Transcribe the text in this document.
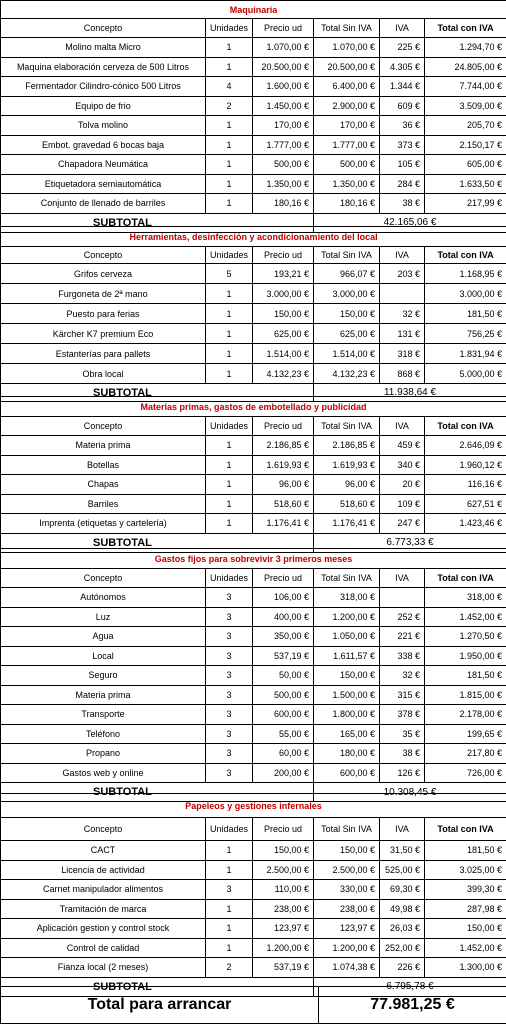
Maquinaria					
Concepto	Unidades	Precio ud	Total Sin IVA	IVA	Total con IVA
Molino malta Micro	1	1.070,00 €	1.070,00 €	225 €	1.294,70 €
Maquina elaboración cerveza de 500 Litros	1	20.500,00 €	20.500,00 €	4.305 €	24.805,00 €
Fermentador Cilindro-cónico 500 Litros	4	1.600,00 €	6.400,00 €	1.344 €	7.744,00 €
Equipo de frio	2	1.450,00 €	2.900,00 €	609 €	3.509,00 €
Tolva molino	1	170,00 €	170,00 €	36 €	205,70 €
Embot. gravedad 6 bocas baja	1	1.777,00 €	1.777,00 €	373 €	2.150,17 €
Chapadora Neumática	1	500,00 €	500,00 €	105 €	605,00 €
Etiquetadora semiautomática	1	1.350,00 €	1.350,00 €	284 €	1.633,50 €
Conjunto de llenado de barriles	1	180,16 €	180,16 €	38 €	217,99 €
SUBTOTAL			42.165,06 €		
Herramientas, desinfección y acondicionamiento del local					
Concepto	Unidades	Precio ud	Total Sin IVA	IVA	Total con IVA
Grifos cerveza	5	193,21 €	966,07 €	203 €	1.168,95 €
Furgoneta de 2ª mano	1	3.000,00 €	3.000,00 €		3.000,00 €
Puesto para ferias	1	150,00 €	150,00 €	32 €	181,50 €
Kärcher K7 premium Eco	1	625,00 €	625,00 €	131 €	756,25 €
Estanterías para pallets	1	1.514,00 €	1.514,00 €	318 €	1.831,94 €
Obra local	1	4.132,23 €	4.132,23 €	868 €	5.000,00 €
SUBTOTAL			11.938,64 €		
Materias primas, gastos de embotellado y publicidad					
Concepto	Unidades	Precio ud	Total Sin IVA	IVA	Total con IVA
Materia prima	1	2.186,85 €	2.186,85 €	459 €	2.646,09 €
Botellas	1	1.619,93 €	1.619,93 €	340 €	1.960,12 €
Chapas	1	96,00 €	96,00 €	20 €	116,16 €
Barriles	1	518,60 €	518,60 €	109 €	627,51 €
Imprenta (etiquetas y cartelería)	1	1.176,41 €	1.176,41 €	247 €	1.423,46 €
SUBTOTAL			6.773,33 €		
Gastos fijos para sobrevivir 3 primeros meses					
Concepto	Unidades	Precio ud	Total Sin IVA	IVA	Total con IVA
Autónomos	3	106,00 €	318,00 €		318,00 €
Luz	3	400,00 €	1.200,00 €	252 €	1.452,00 €
Agua	3	350,00 €	1.050,00 €	221 €	1.270,50 €
Local	3	537,19 €	1.611,57 €	338 €	1.950,00 €
Seguro	3	50,00 €	150,00 €	32 €	181,50 €
Materia prima	3	500,00 €	1.500,00 €	315 €	1.815,00 €
Transporte	3	600,00 €	1.800,00 €	378 €	2.178,00 €
Teléfono	3	55,00 €	165,00 €	35 €	199,65 €
Propano	3	60,00 €	180,00 €	38 €	217,80 €
Gastos web y online	3	200,00 €	600,00 €	126 €	726,00 €
SUBTOTAL			10.308,45 €		
Papeleos y gestiones infernales					
Concepto	Unidades	Precio ud	Total Sin IVA	IVA	Total con IVA
CACT	1	150,00 €	150,00 €	31,50 €	181,50 €
Licencia de actividad	1	2.500,00 €	2.500,00 €	525,00 €	3.025,00 €
Carnet manipulador alimentos	3	110,00 €	330,00 €	69,30 €	399,30 €
Tramitación de marca	1	238,00 €	238,00 €	49,98 €	287,98 €
Aplicación gestion y control stock	1	123,97 €	123,97 €	26,03 €	150,00 €
Control de calidad	1	1.200,00 €	1.200,00 €	252,00 €	1.452,00 €
Fianza local (2 meses)	2	537,19 €	1.074,38 €	226 €	1.300,00 €
SUBTOTAL			6.795,78 €		
Total para arrancar	77.981,25 €
